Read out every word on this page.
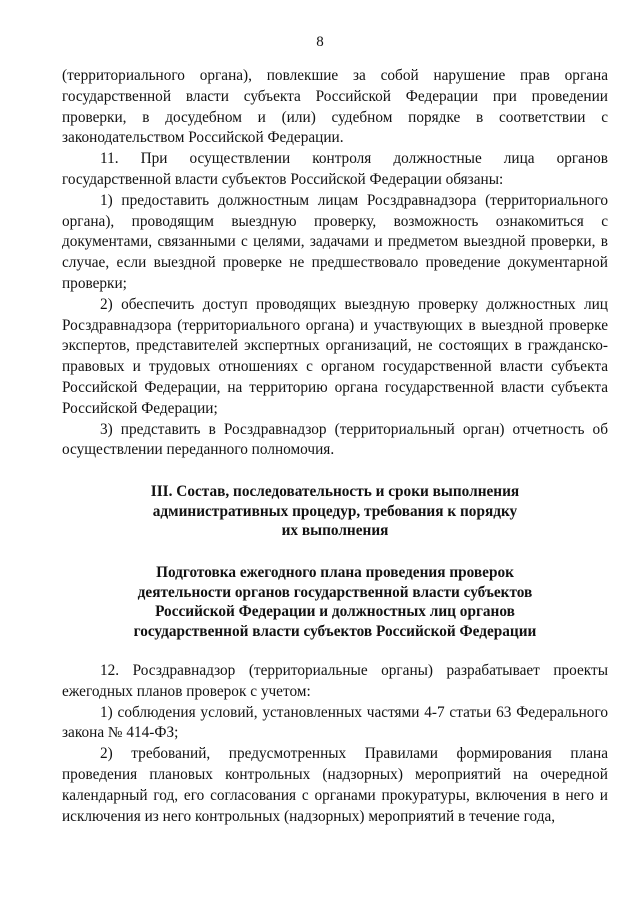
8

(территориального органа), повлекшие за собой нарушение прав органа государственной власти субъекта Российской Федерации при проведении проверки, в досудебном и (или) судебном порядке в соответствии с законодательством Российской Федерации.

11. При осуществлении контроля должностные лица органов государственной власти субъектов Российской Федерации обязаны:

1) предоставить должностным лицам Росздравнадзора (территориального органа), проводящим выездную проверку, возможность ознакомиться с документами, связанными с целями, задачами и предметом выездной проверки, в случае, если выездной проверке не предшествовало проведение документарной проверки;

2) обеспечить доступ проводящих выездную проверку должностных лиц Росздравнадзора (территориального органа) и участвующих в выездной проверке экспертов, представителей экспертных организаций, не состоящих в гражданско-правовых и трудовых отношениях с органом государственной власти субъекта Российской Федерации, на территорию органа государственной власти субъекта Российской Федерации;

3) представить в Росздравнадзор (территориальный орган) отчетность об осуществлении переданного полномочия.

III. Состав, последовательность и сроки выполнения
административных процедур, требования к порядку
их выполнения
Подготовка ежегодного плана проведения проверок
деятельности органов государственной власти субъектов
Российской Федерации и должностных лиц органов
государственной власти субъектов Российской Федерации

12. Росздравнадзор (территориальные органы) разрабатывает проекты ежегодных планов проверок с учетом:

1) соблюдения условий, установленных частями 4-7 статьи 63 Федерального закона № 414-ФЗ;

2) требований, предусмотренных Правилами формирования плана проведения плановых контрольных (надзорных) мероприятий на очередной календарный год, его согласования с органами прокуратуры, включения в него и исключения из него контрольных (надзорных) мероприятий в течение года,
